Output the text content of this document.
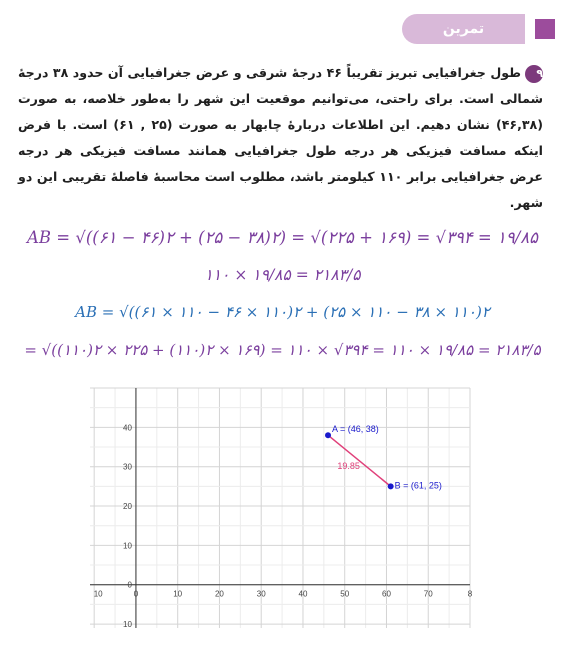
تمرین
۹طول جغرافیایی تبریز تقریباً ۴۶ درجهٔ شرقی و عرض جغرافیایی آن حدود ۳۸ درجهٔ شمالی است. برای راحتی، می‌توانیم موقعیت این شهر را به‌طور خلاصه، به صورت (۴۶,۳۸) نشان دهیم. این اطلاعات دربارهٔ چابهار به صورت (۲۵ , ۶۱) است. با فرض اینکه مسافت فیزیکی هر درجه طول جغرافیایی همانند مسافت فیزیکی هر درجه عرض جغرافیایی برابر ۱۱۰ کیلومتر باشد، مطلوب است محاسبهٔ فاصلهٔ تقریبی این دو شهر.
AB = √((۶۱ − ۴۶)۲ + (۲۵ − ۳۸)۲) = √(۲۲۵ + ۱۶۹) = √۳۹۴ = ۱۹/۸۵
۱۱۰ × ۱۹/۸۵ = ۲۱۸۳/۵
AB = √((۶۱ × ۱۱۰ − ۴۶ × ۱۱۰)۲ + (۲۵ × ۱۱۰ − ۳۸ × ۱۱۰)۲
= √((۱۱۰)۲ × ۲۲۵ + (۱۱۰)۲ × ۱۶۹) = ۱۱۰ × √۳۹۴ = ۱۱۰ × ۱۹/۸۵ = ۲۱۸۳/۵
10	0	10	20	30	40	50	60	70	8
10
0
10
20
30
40
19.85
A = (46, 38)
B = (61, 25)
